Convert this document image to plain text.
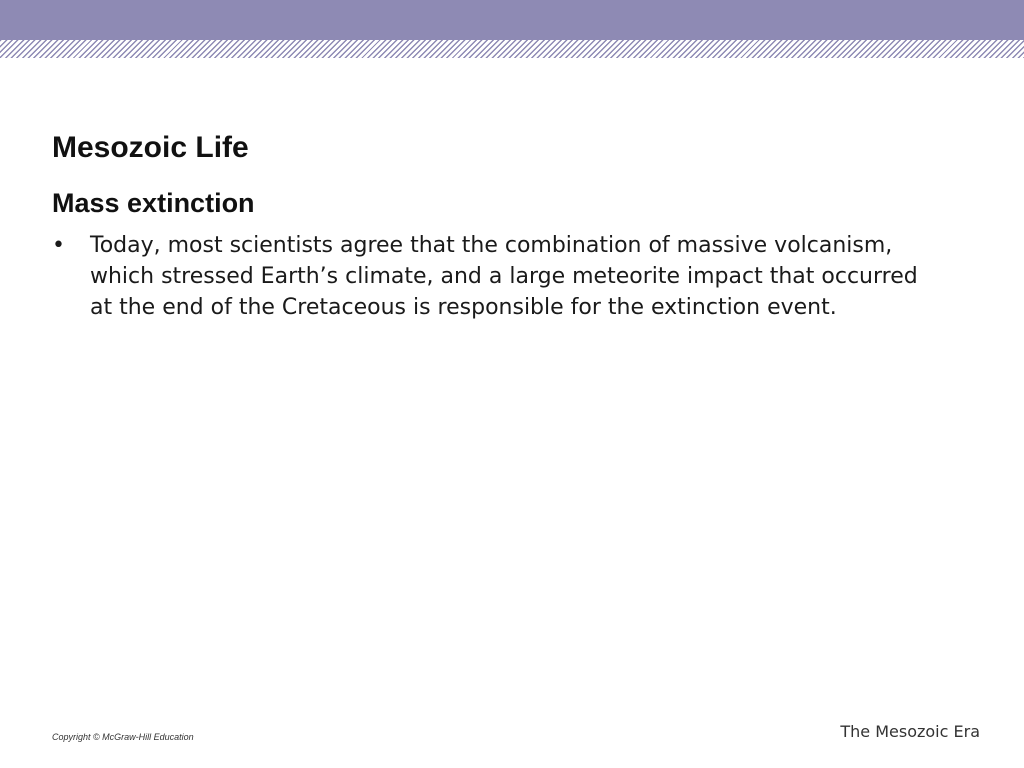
Mesozoic Life
Mass extinction
• Today, most scientists agree that the combination of massive volcanism, which stressed Earth’s climate, and a large meteorite impact that occurred at the end of the Cretaceous is responsible for the extinction event.
Copyright © McGraw-Hill Education	The Mesozoic Era
